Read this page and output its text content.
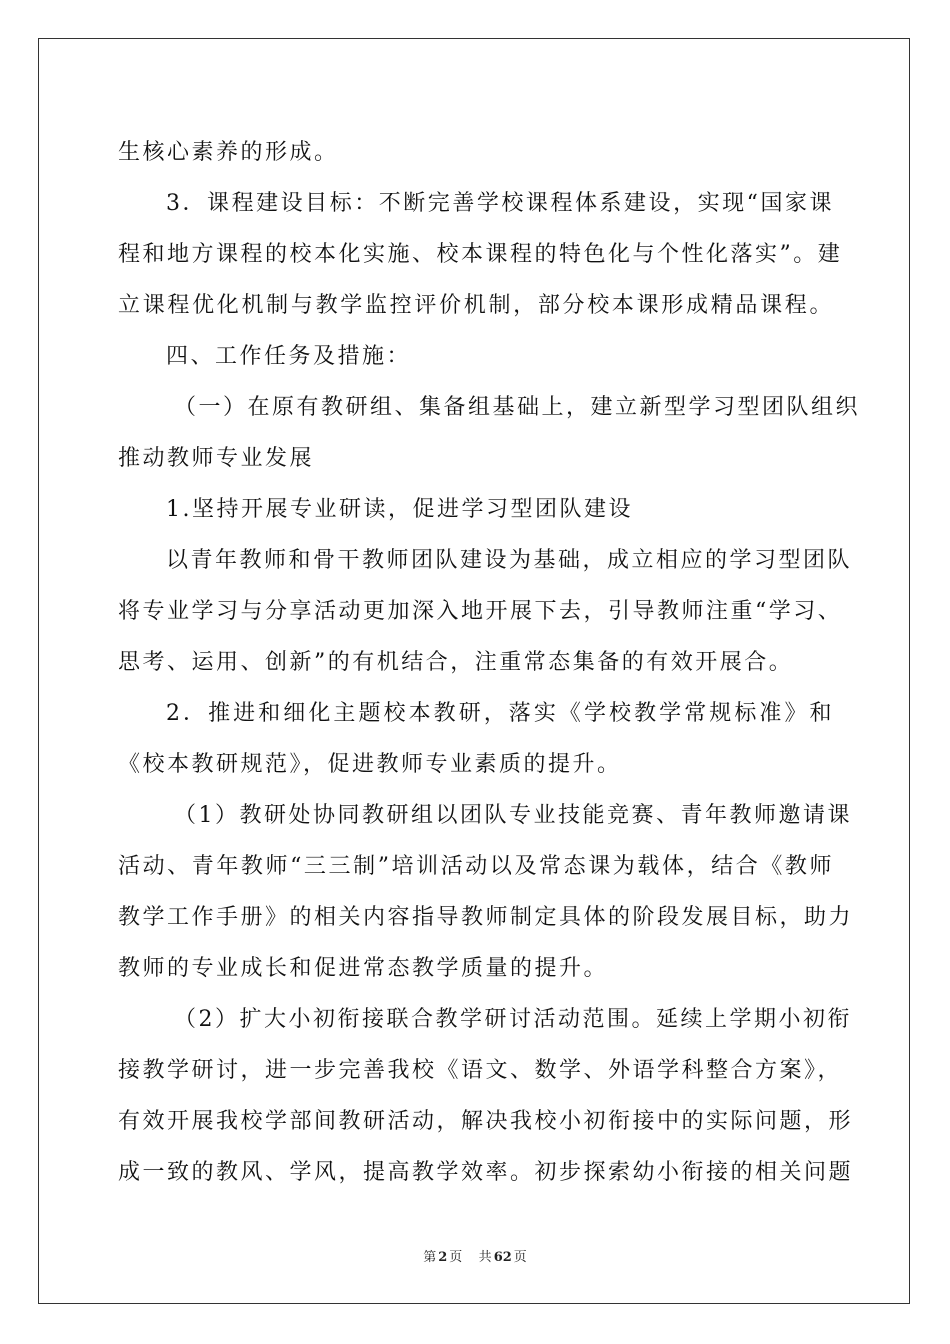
生核心素养的形成。
3．课程建设目标：不断完善学校课程体系建设，实现“国家课
程和地方课程的校本化实施、校本课程的特色化与个性化落实”。建
立课程优化机制与教学监控评价机制，部分校本课形成精品课程。
四、工作任务及措施：
（一）在原有教研组、集备组基础上，建立新型学习型团队组织
推动教师专业发展
1.坚持开展专业研读，促进学习型团队建设
以青年教师和骨干教师团队建设为基础，成立相应的学习型团队
将专业学习与分享活动更加深入地开展下去，引导教师注重“学习、
思考、运用、创新”的有机结合，注重常态集备的有效开展合。
2．推进和细化主题校本教研，落实《学校教学常规标准》和
《校本教研规范》，促进教师专业素质的提升。
（1）教研处协同教研组以团队专业技能竞赛、青年教师邀请课
活动、青年教师“三三制”培训活动以及常态课为载体，结合《教师
教学工作手册》的相关内容指导教师制定具体的阶段发展目标，助力
教师的专业成长和促进常态教学质量的提升。
（2）扩大小初衔接联合教学研讨活动范围。延续上学期小初衔
接教学研讨，进一步完善我校《语文、数学、外语学科整合方案》，
有效开展我校学部间教研活动，解决我校小初衔接中的实际问题，形
成一致的教风、学风，提高教学效率。初步探索幼小衔接的相关问题
第 2 页 共 62 页
